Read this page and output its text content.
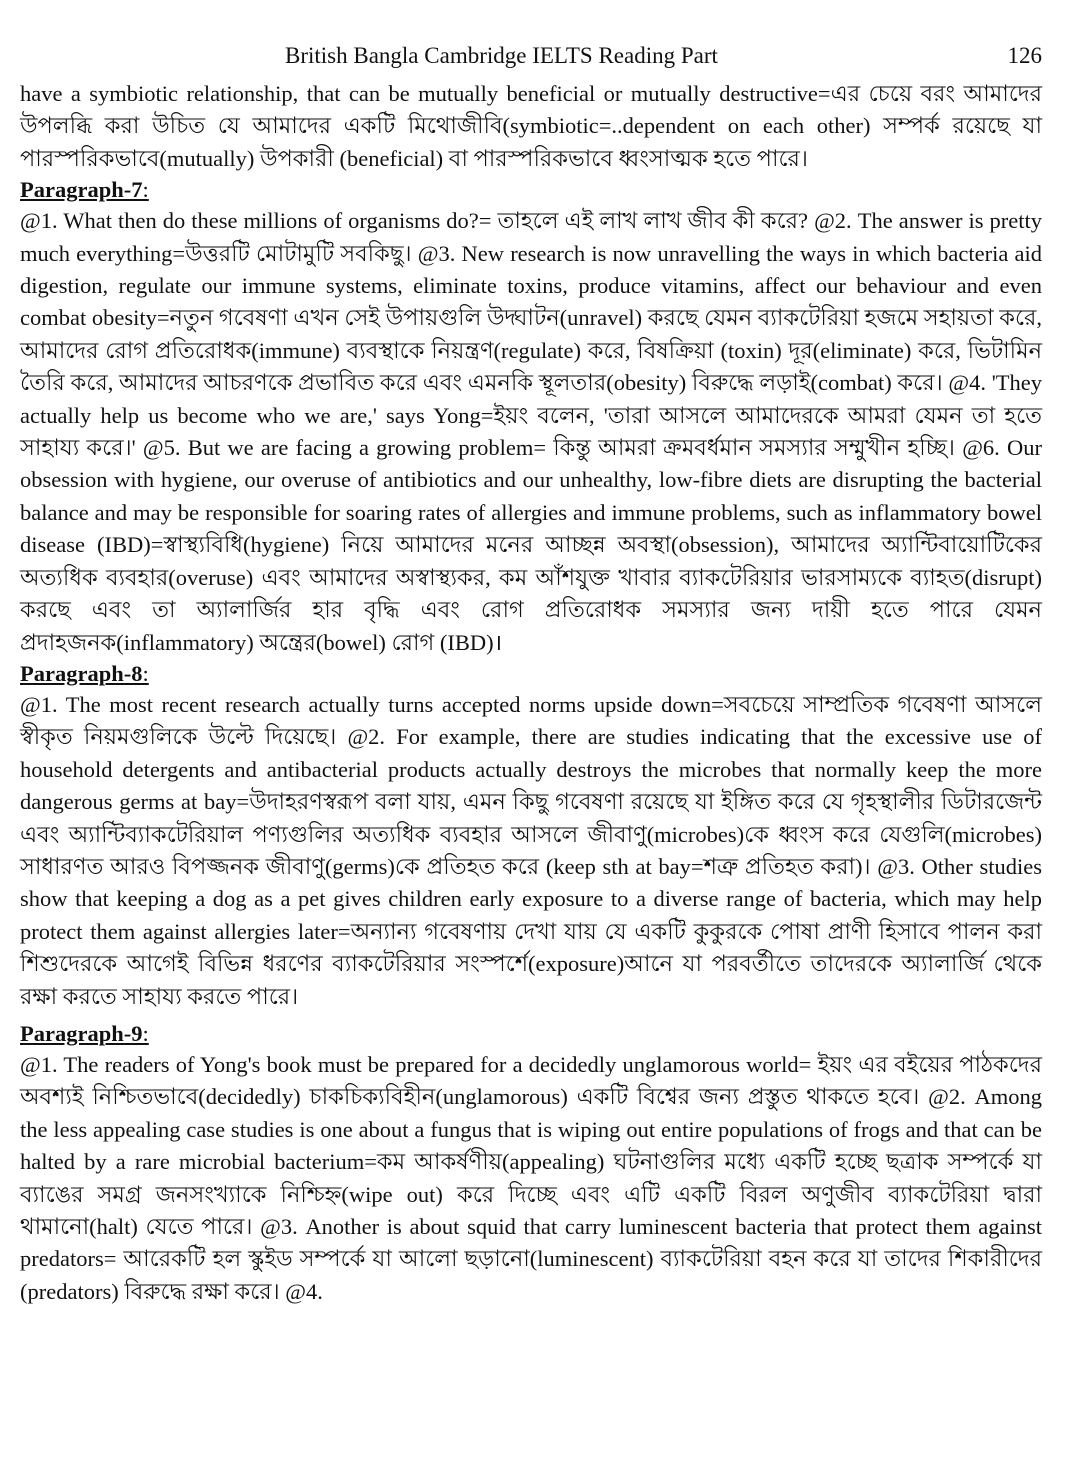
British Bangla Cambridge IELTS Reading Part	126

have a symbiotic relationship, that can be mutually beneficial or mutually destructive=এর চেয়ে বরং আমাদের উপলব্ধি করা উচিত যে আমাদের একটি মিথোজীবি(symbiotic=..dependent on each other) সম্পর্ক রয়েছে যা পারস্পরিকভাবে(mutually) উপকারী (beneficial) বা পারস্পরিকভাবে ধ্বংসাত্মক হতে পারে।

Paragraph-7:

@1. What then do these millions of organisms do?= তাহলে এই লাখ লাখ জীব কী করে? @2. The answer is pretty much everything=উত্তরটি মোটামুটি সবকিছু। @3. New research is now unravelling the ways in which bacteria aid digestion, regulate our immune systems, eliminate toxins, produce vitamins, affect our behaviour and even combat obesity=নতুন গবেষণা এখন সেই উপায়গুলি উদ্ঘাটন(unravel) করছে যেমন ব্যাকটেরিয়া হজমে সহায়তা করে, আমাদের রোগ প্রতিরোধক(immune) ব্যবস্থাকে নিয়ন্ত্রণ(regulate) করে, বিষক্রিয়া (toxin) দূর(eliminate) করে, ভিটামিন তৈরি করে, আমাদের আচরণকে প্রভাবিত করে এবং এমনকি স্থূলতার(obesity) বিরুদ্ধে লড়াই(combat) করে। @4. 'They actually help us become who we are,' says Yong=ইয়ং বলেন, 'তারা আসলে আমাদেরকে আমরা যেমন তা হতে সাহায্য করে।' @5. But we are facing a growing problem= কিন্তু আমরা ক্রমবর্ধমান সমস্যার সম্মুখীন হচ্ছি। @6. Our obsession with hygiene, our overuse of antibiotics and our unhealthy, low-fibre diets are disrupting the bacterial balance and may be responsible for soaring rates of allergies and immune problems, such as inflammatory bowel disease (IBD)=স্বাস্থ্যবিধি(hygiene) নিয়ে আমাদের মনের আচ্ছন্ন অবস্থা(obsession), আমাদের অ্যান্টিবায়োটিকের অত্যধিক ব্যবহার(overuse) এবং আমাদের অস্বাস্থ্যকর, কম আঁশযুক্ত খাবার ব্যাকটেরিয়ার ভারসাম্যকে ব্যাহত(disrupt) করছে এবং তা অ্যালার্জির হার বৃদ্ধি এবং রোগ প্রতিরোধক সমস্যার জন্য দায়ী হতে পারে যেমন প্রদাহজনক(inflammatory) অন্ত্রের(bowel) রোগ (IBD)।

Paragraph-8:

@1. The most recent research actually turns accepted norms upside down=সবচেয়ে সাম্প্রতিক গবেষণা আসলে স্বীকৃত নিয়মগুলিকে উল্টে দিয়েছে। @2. For example, there are studies indicating that the excessive use of household detergents and antibacterial products actually destroys the microbes that normally keep the more dangerous germs at bay=উদাহরণস্বরূপ বলা যায়, এমন কিছু গবেষণা রয়েছে যা ইঙ্গিত করে যে গৃহস্থালীর ডিটারজেন্ট এবং অ্যান্টিব্যাকটেরিয়াল পণ্যগুলির অত্যধিক ব্যবহার আসলে জীবাণু(microbes)কে ধ্বংস করে যেগুলি(microbes) সাধারণত আরও বিপজ্জনক জীবাণু(germs)কে প্রতিহত করে (keep sth at bay=শত্রু প্রতিহত করা)। @3. Other studies show that keeping a dog as a pet gives children early exposure to a diverse range of bacteria, which may help protect them against allergies later=অন্যান্য গবেষণায় দেখা যায় যে একটি কুকুরকে পোষা প্রাণী হিসাবে পালন করা শিশুদেরকে আগেই বিভিন্ন ধরণের ব্যাকটেরিয়ার সংস্পর্শে(exposure)আনে যা পরবর্তীতে তাদেরকে অ্যালার্জি থেকে রক্ষা করতে সাহায্য করতে পারে।

Paragraph-9:

@1. The readers of Yong's book must be prepared for a decidedly unglamorous world= ইয়ং এর বইয়ের পাঠকদের অবশ্যই নিশ্চিতভাবে(decidedly) চাকচিক্যবিহীন(unglamorous) একটি বিশ্বের জন্য প্রস্তুত থাকতে হবে। @2. Among the less appealing case studies is one about a fungus that is wiping out entire populations of frogs and that can be halted by a rare microbial bacterium=কম আকর্ষণীয়(appealing) ঘটনাগুলির মধ্যে একটি হচ্ছে ছত্রাক সম্পর্কে যা ব্যাঙের সমগ্র জনসংখ্যাকে নিশ্চিহ্ন(wipe out) করে দিচ্ছে এবং এটি একটি বিরল অণুজীব ব্যাকটেরিয়া দ্বারা থামানো(halt) যেতে পারে। @3. Another is about squid that carry luminescent bacteria that protect them against predators= আরেকটি হল স্কুইড সম্পর্কে যা আলো ছড়ানো(luminescent) ব্যাকটেরিয়া বহন করে যা তাদের শিকারীদের (predators) বিরুদ্ধে রক্ষা করে। @4.
